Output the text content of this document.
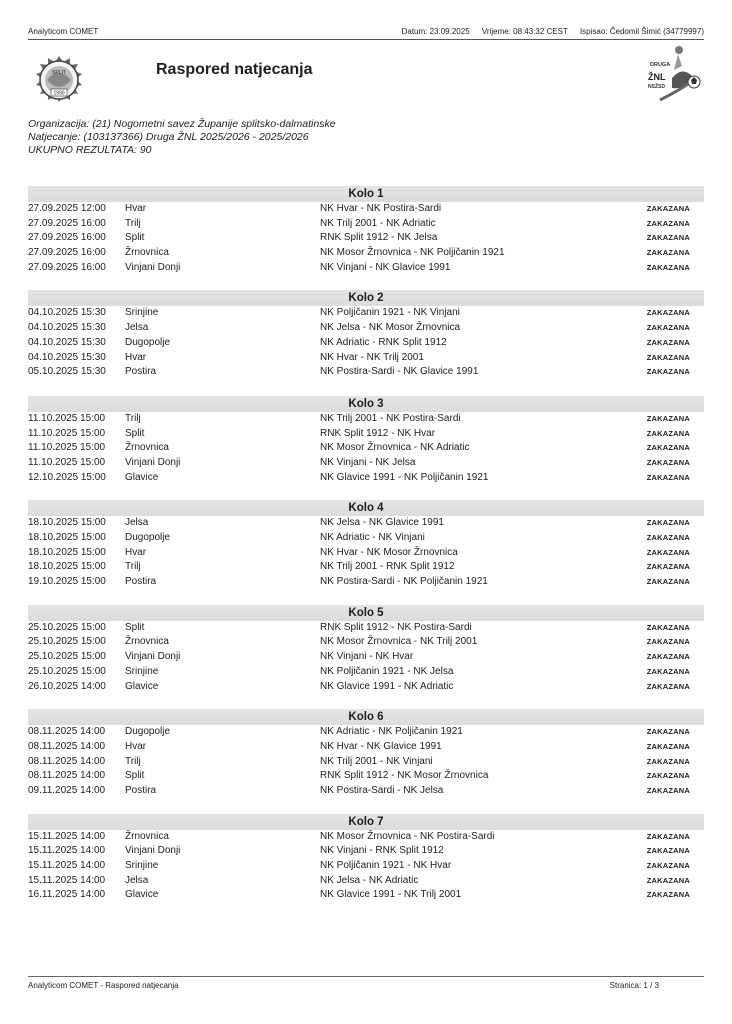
Analyticom COMET	Datum: 23.09.2025 Vrijeme: 08:43:32 CEST Ispisao: Čedomil Šimić (34779997)
SPLIT
1990
Raspored natjecanja	DRUGA
ŽNL
NSŽSD
Organizacija: (21) Nogometni savez Županije splitsko-dalmatinske
Natjecanje: (103137366) Druga ŽNL 2025/2026 - 2025/2026
UKUPNO REZULTATA: 90
Kolo 1
27.09.2025 12:00 Hvar	NK Hvar - NK Postira-Sardi	ZAKAZANA
27.09.2025 16:00 Trilj	NK Trilj 2001 - NK Adriatic	ZAKAZANA
27.09.2025 16:00 Split	RNK Split 1912 - NK Jelsa	ZAKAZANA
27.09.2025 16:00 Žrnovnica	NK Mosor Žrnovnica - NK Poljičanin 1921	ZAKAZANA
27.09.2025 16:00 Vinjani Donji	NK Vinjani - NK Glavice 1991	ZAKAZANA
Kolo 2
04.10.2025 15:30 Srinjine	NK Poljičanin 1921 - NK Vinjani	ZAKAZANA
04.10.2025 15:30 Jelsa	NK Jelsa - NK Mosor Žrnovnica	ZAKAZANA
04.10.2025 15:30 Dugopolje	NK Adriatic - RNK Split 1912	ZAKAZANA
04.10.2025 15:30 Hvar	NK Hvar - NK Trilj 2001	ZAKAZANA
05.10.2025 15:30 Postira	NK Postira-Sardi - NK Glavice 1991	ZAKAZANA
Kolo 3
11.10.2025 15:00 Trilj	NK Trilj 2001 - NK Postira-Sardi	ZAKAZANA
11.10.2025 15:00 Split	RNK Split 1912 - NK Hvar	ZAKAZANA
11.10.2025 15:00 Žrnovnica	NK Mosor Žrnovnica - NK Adriatic	ZAKAZANA
11.10.2025 15:00 Vinjani Donji	NK Vinjani - NK Jelsa	ZAKAZANA
12.10.2025 15:00 Glavice	NK Glavice 1991 - NK Poljičanin 1921	ZAKAZANA
Kolo 4
18.10.2025 15:00 Jelsa	NK Jelsa - NK Glavice 1991	ZAKAZANA
18.10.2025 15:00 Dugopolje	NK Adriatic - NK Vinjani	ZAKAZANA
18.10.2025 15:00 Hvar	NK Hvar - NK Mosor Žrnovnica	ZAKAZANA
18.10.2025 15:00 Trilj	NK Trilj 2001 - RNK Split 1912	ZAKAZANA
19.10.2025 15:00 Postira	NK Postira-Sardi - NK Poljičanin 1921	ZAKAZANA
Kolo 5
25.10.2025 15:00 Split	RNK Split 1912 - NK Postira-Sardi	ZAKAZANA
25.10.2025 15:00 Žrnovnica	NK Mosor Žrnovnica - NK Trilj 2001	ZAKAZANA
25.10.2025 15:00 Vinjani Donji	NK Vinjani - NK Hvar	ZAKAZANA
25.10.2025 15:00 Srinjine	NK Poljičanin 1921 - NK Jelsa	ZAKAZANA
26.10.2025 14:00 Glavice	NK Glavice 1991 - NK Adriatic	ZAKAZANA
Kolo 6
08.11.2025 14:00 Dugopolje	NK Adriatic - NK Poljičanin 1921	ZAKAZANA
08.11.2025 14:00 Hvar	NK Hvar - NK Glavice 1991	ZAKAZANA
08.11.2025 14:00 Trilj	NK Trilj 2001 - NK Vinjani	ZAKAZANA
08.11.2025 14:00 Split	RNK Split 1912 - NK Mosor Žrnovnica	ZAKAZANA
09.11.2025 14:00 Postira	NK Postira-Sardi - NK Jelsa	ZAKAZANA
Kolo 7
15.11.2025 14:00 Žrnovnica	NK Mosor Žrnovnica - NK Postira-Sardi	ZAKAZANA
15.11.2025 14:00 Vinjani Donji	NK Vinjani - RNK Split 1912	ZAKAZANA
15.11.2025 14:00 Srinjine	NK Poljičanin 1921 - NK Hvar	ZAKAZANA
15.11.2025 14:00 Jelsa	NK Jelsa - NK Adriatic	ZAKAZANA
16.11.2025 14:00 Glavice	NK Glavice 1991 - NK Trilj 2001	ZAKAZANA
Analyticom COMET - Raspored natjecanja	Stranica: 1 / 3
